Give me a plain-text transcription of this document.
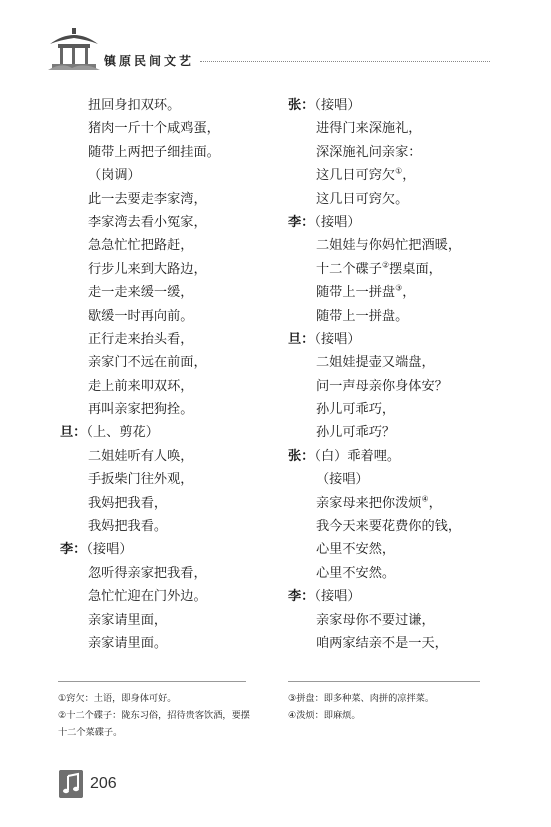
镇原民间文艺
扭回身扣双环。
猪肉一斤十个咸鸡蛋，
随带上两把子细挂面。
（岗调）
此一去要走李家湾，
李家湾去看小冤家，
急急忙忙把路赶，
行步儿来到大路边，
走一走来缓一缓，
歇缓一时再向前。
正行走来抬头看，
亲家门不远在前面，
走上前来叩双环，
再叫亲家把狗拴。
旦：（上、剪花）
二姐娃听有人唤，
手扳柴门往外观，
我妈把我看，
我妈把我看。
李：（接唱）
忽听得亲家把我看，
急忙忙迎在门外边。
亲家请里面，
亲家请里面。
张：（接唱）
进得门来深施礼，
深深施礼问亲家：
这几日可窍欠①，
这几日可窍欠。
李：（接唱）
二姐娃与你妈忙把酒暖，
十二个碟子②摆桌面，
随带上一拼盘③，
随带上一拼盘。
旦：（接唱）
二姐娃提壶又端盘，
问一声母亲你身体安？
孙儿可乖巧，
孙儿可乖巧？
张：（白）乖着哩。
（接唱）
亲家母来把你泼烦④，
我今天来要花费你的钱，
心里不安然，
心里不安然。
李：（接唱）
亲家母你不要过谦，
咱两家结亲不是一天，

①窍欠：土语，即身体可好。

②十二个碟子：陇东习俗，招待贵客饮酒，要摆十二个菜碟子。

③拼盘：即多种菜、肉拼的凉拌菜。

④泼烦：即麻烦。

206
